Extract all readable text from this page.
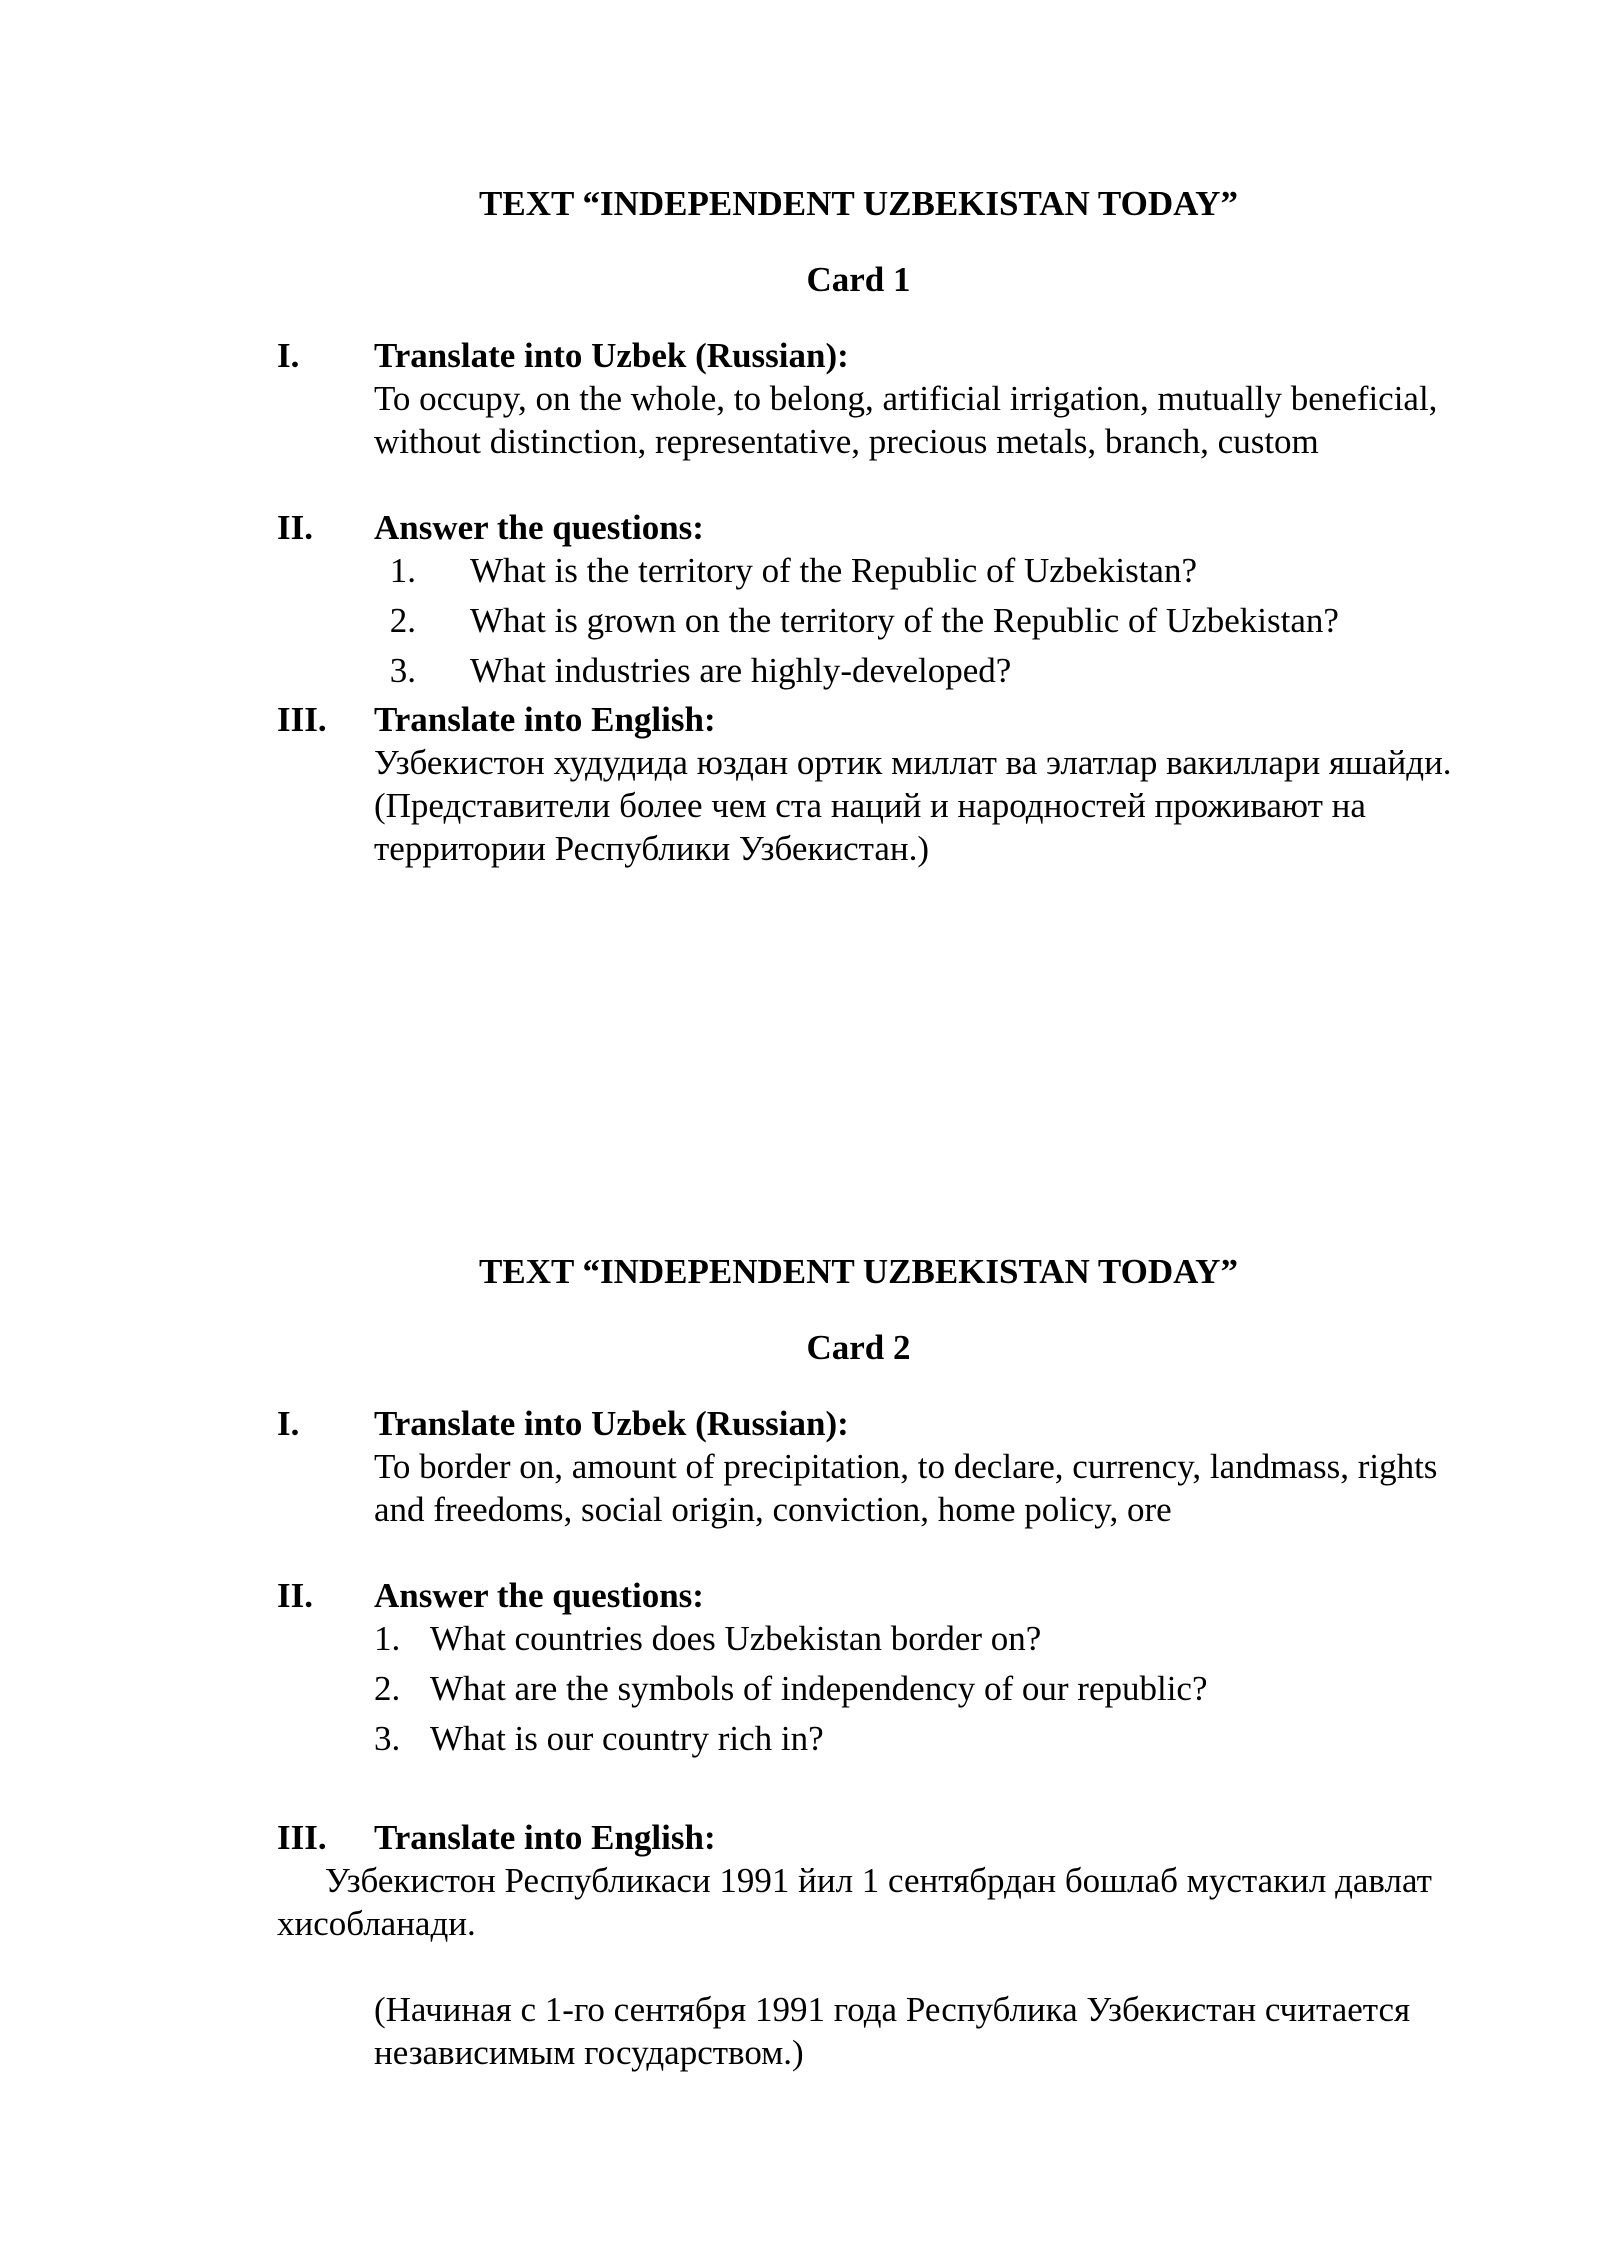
TEXT “INDEPENDENT UZBEKISTAN TODAY”
Card 1
I. Translate into Uzbek (Russian):

To occupy, on the whole, to belong, artificial irrigation, mutually beneficial, without distinction, representative, precious metals, branch, custom

II. Answer the questions:
1. What is the territory of the Republic of Uzbekistan?
2. What is grown on the territory of the Republic of Uzbekistan?
3. What industries are highly-developed?
III. Translate into English:

Узбекистон худудида юздан ортик миллат ва элатлар вакиллари яшайди. (Представители более чем ста наций и народностей проживают на территории Республики Узбекистан.)

TEXT “INDEPENDENT UZBEKISTAN TODAY”
Card 2
I. Translate into Uzbek (Russian):

To border on, amount of precipitation, to declare, currency, landmass, rights and freedoms, social origin, conviction, home policy, ore

II. Answer the questions:
1. What countries does Uzbekistan border on?
2. What are the symbols of independency of our republic?
3. What is our country rich in?
III. Translate into English:

Узбекистон Республикаси 1991 йил 1 сентябрдан бошлаб мустакил давлат хисобланади.

(Начиная с 1-го сентября 1991 года Республика Узбекистан считается независимым государством.)
